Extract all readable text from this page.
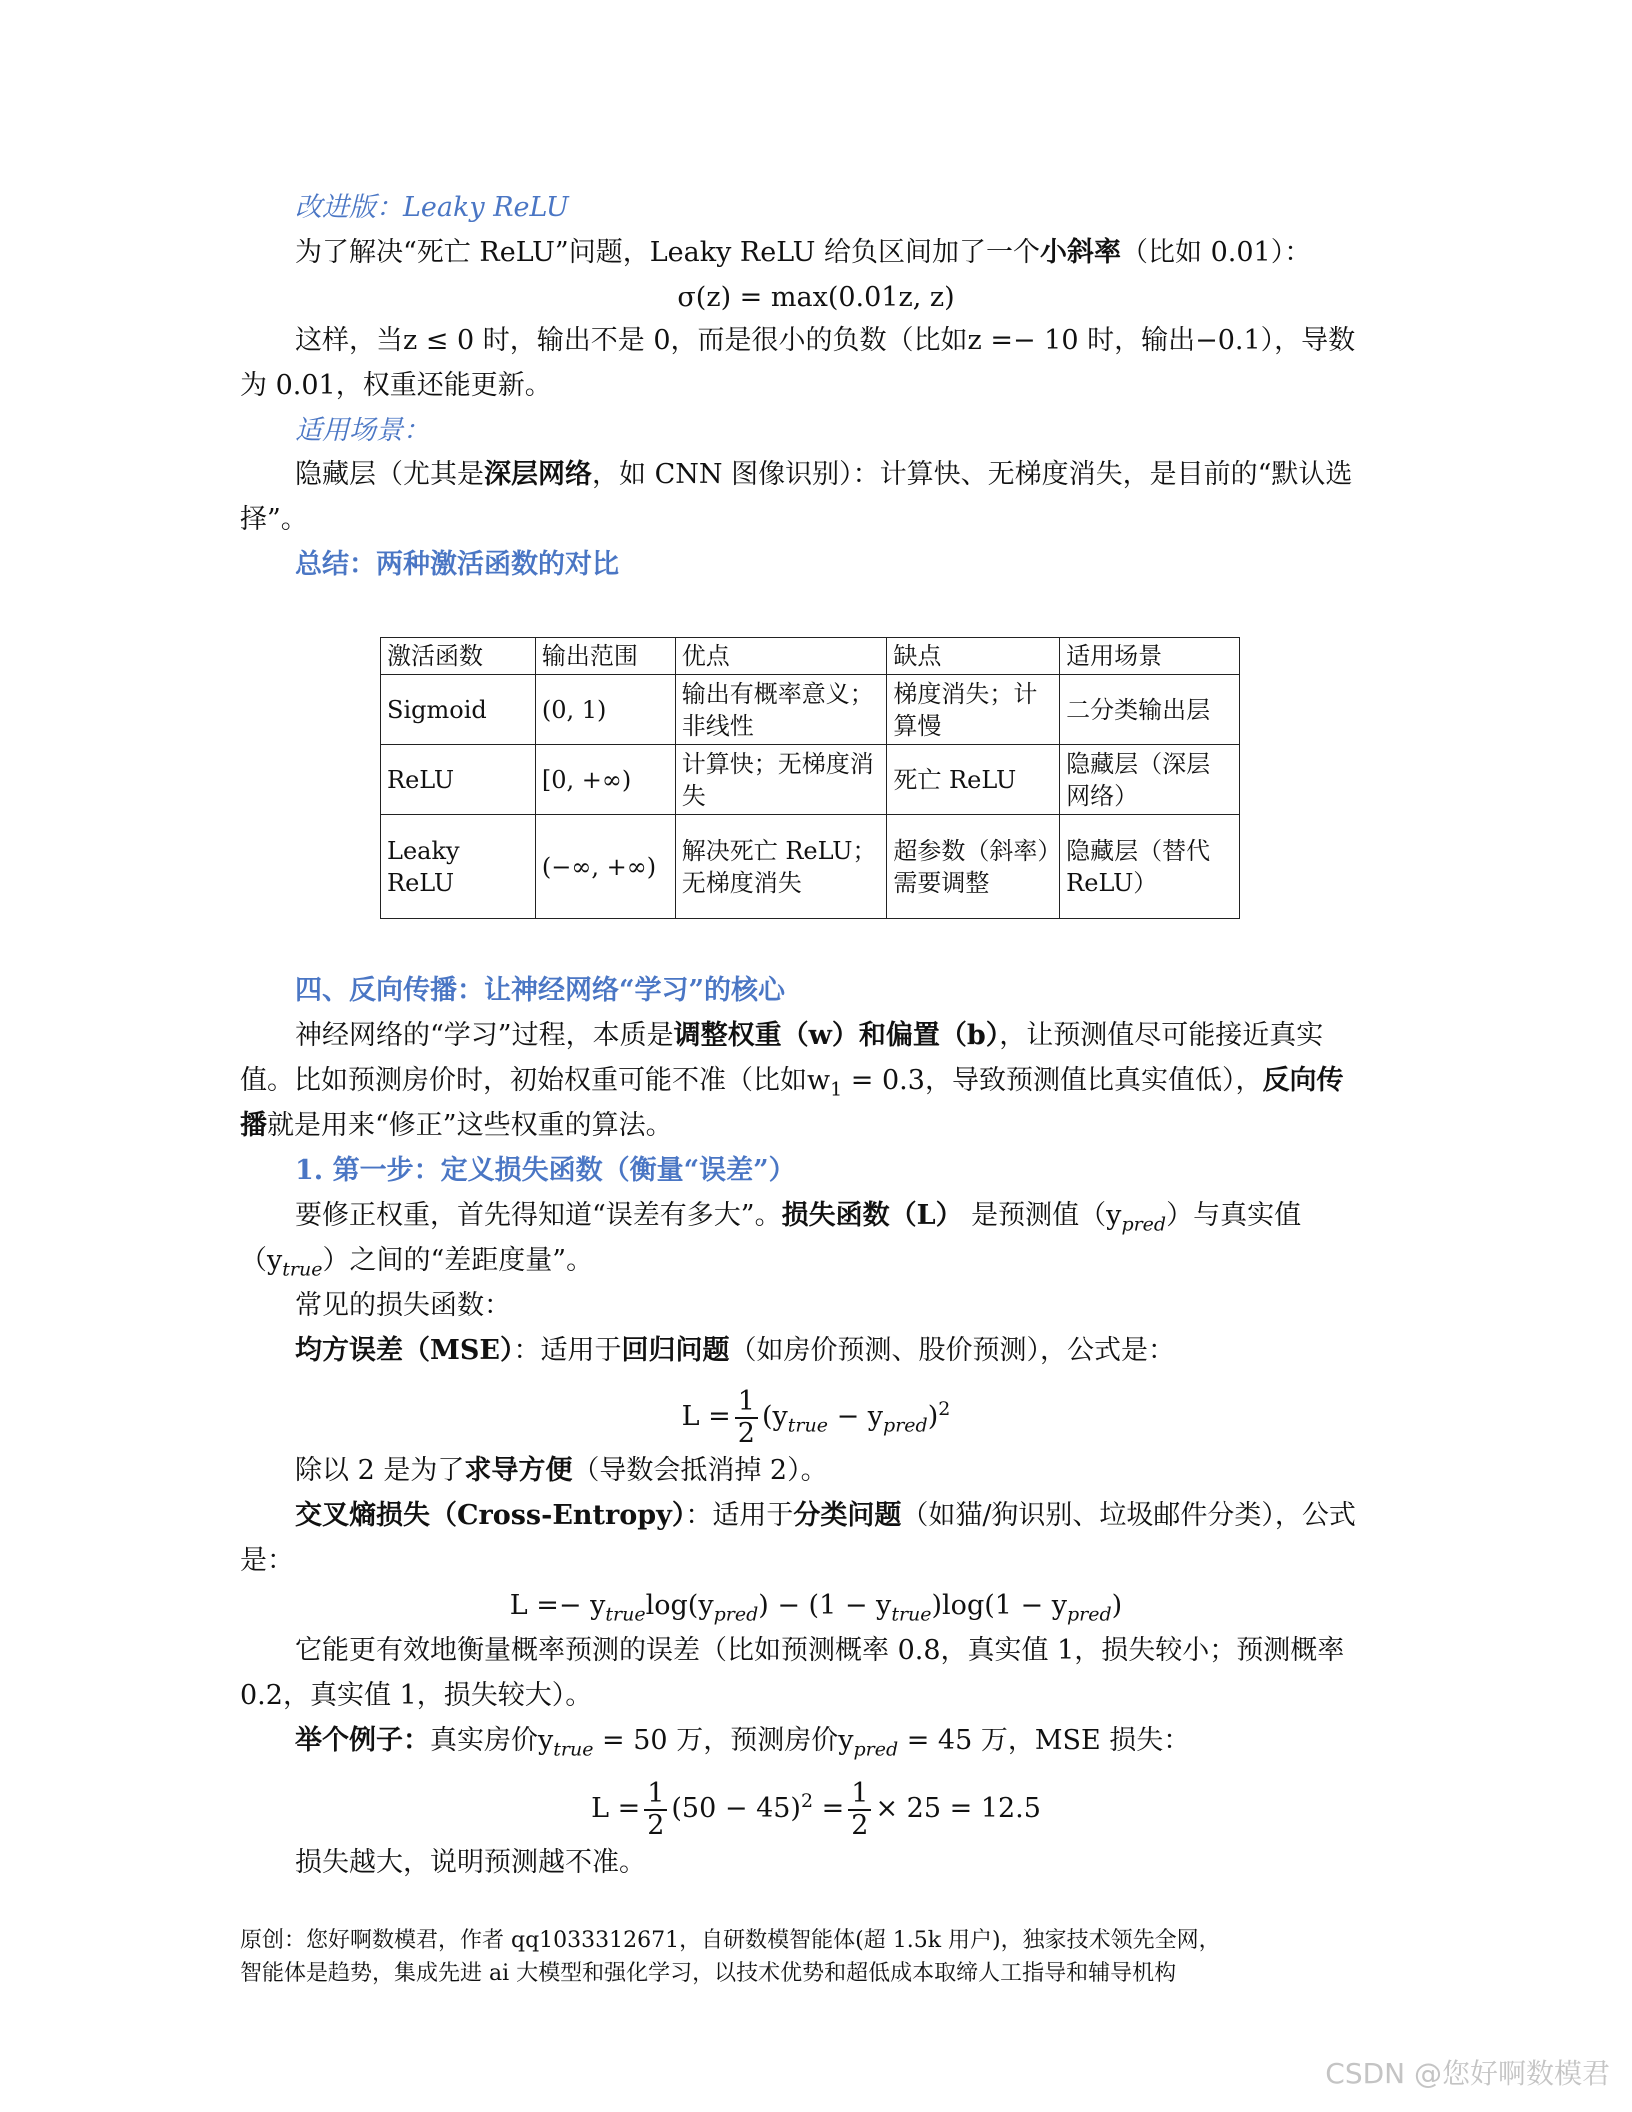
改进版：Leaky ReLU
为了解决“死亡 ReLU”问题，Leaky ReLU 给负区间加了一个小斜率（比如 0.01）：
σ(z) = max(0.01z, z)
这样，当z ≤ 0 时，输出不是 0，而是很小的负数（比如z =− 10 时，输出−0.1），导数
为 0.01，权重还能更新。
适用场景：
隐藏层（尤其是深层网络，如 CNN 图像识别）：计算快、无梯度消失，是目前的“默认选
择”。
总结：两种激活函数的对比
激活函数	输出范围	优点	缺点	适用场景
Sigmoid	(0, 1)	输出有概率意义；非线性	梯度消失；计算慢	二分类输出层
ReLU	[0, +∞)	计算快；无梯度消失	死亡 ReLU	隐藏层（深层网络）
Leaky ReLU	(−∞, +∞)	解决死亡 ReLU；无梯度消失	超参数（斜率）需要调整	隐藏层（替代ReLU）
四、反向传播：让神经网络“学习”的核心
神经网络的“学习”过程，本质是调整权重（w）和偏置（b），让预测值尽可能接近真实
值。比如预测房价时，初始权重可能不准（比如$w_1 = 0.3$，导致预测值比真实值低），反向传
播就是用来“修正”这些权重的算法。
1. 第一步：定义损失函数（衡量“误差”）
要修正权重，首先得知道“误差有多大”。损失函数（L） 是预测值$(y_{pred})$与真实值
$(y_{true})$之间的“差距度量”。
常见的损失函数：
均方误差（MSE）：适用于回归问题（如房价预测、股价预测），公式是：
$L = \frac{1}{2} (y_{true} - y_{pred})^2$
除以 2 是为了求导方便（导数会抵消掉 2）。
交叉熵损失（Cross-Entropy）：适用于分类问题（如猫/狗识别、垃圾邮件分类），公式
是：
$L =- y_{true}\log(y_{pred}) - (1 - y_{true})\log(1 - y_{pred})$
它能更有效地衡量概率预测的误差（比如预测概率 0.8，真实值 1，损失较小；预测概率
0.2，真实值 1，损失较大）。
举个例子：真实房价$y_{true} = 50$ 万，预测房价$y_{pred} = 45$ 万，MSE 损失：
$L = \frac{1}{2} (50 - 45)^2 = \frac{1}{2} \times 25 = 12.5$
损失越大，说明预测越不准。
原创：您好啊数模君，作者 qq1033312671，自研数模智能体(超 1.5k 用户)，独家技术领先全网，
智能体是趋势，集成先进 ai 大模型和强化学习，以技术优势和超低成本取缔人工指导和辅导机构
CSDN @您好啊数模君
